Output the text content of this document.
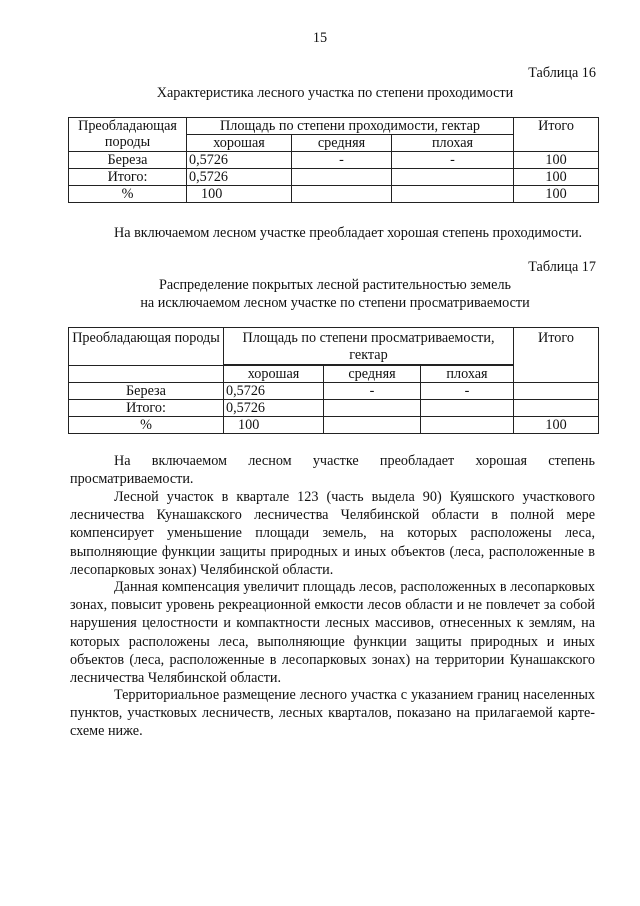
15
Таблица 16
Характеристика лесного участка по степени проходимости
Преобладающая породы	Площадь по степени проходимости, гектар			Итого
	хорошая	средняя	плохая	
Береза	0,5726	-	-	100
Итого:	0,5726			100
%	100			100
На включаемом лесном участке преобладает хорошая степень проходимости.
Таблица 17
Распределение покрытых лесной растительностью земель
на исключаемом лесном участке по степени просматриваемости
Преобладающая породы	Площадь по степени просматриваемости, гектар			Итого

	хорошая	средняя	плохая	
Береза	0,5726	-	-	
Итого:	0,5726			
%	100			100
На включаемом лесном участке преобладает хорошая степень просматриваемости.
Лесной участок в квартале 123 (часть выдела 90) Куяшского участкового лесничества Кунашакского лесничества Челябинской области в полной мере компенсирует уменьшение площади земель, на которых расположены леса, выполняющие функции защиты природных и иных объектов (леса, расположенные в лесопарковых зонах) Челябинской области.
Данная компенсация увеличит площадь лесов, расположенных в лесопарковых зонах, повысит уровень рекреационной емкости лесов области и не повлечет за собой нарушения целостности и компактности лесных массивов, отнесенных к землям, на которых расположены леса, выполняющие функции защиты природных и иных объектов (леса, расположенные в лесопарковых зонах) на территории Кунашакского лесничества Челябинской области.
Территориальное размещение лесного участка с указанием границ населенных пунктов, участковых лесничеств, лесных кварталов, показано на прилагаемой карте-схеме ниже.
